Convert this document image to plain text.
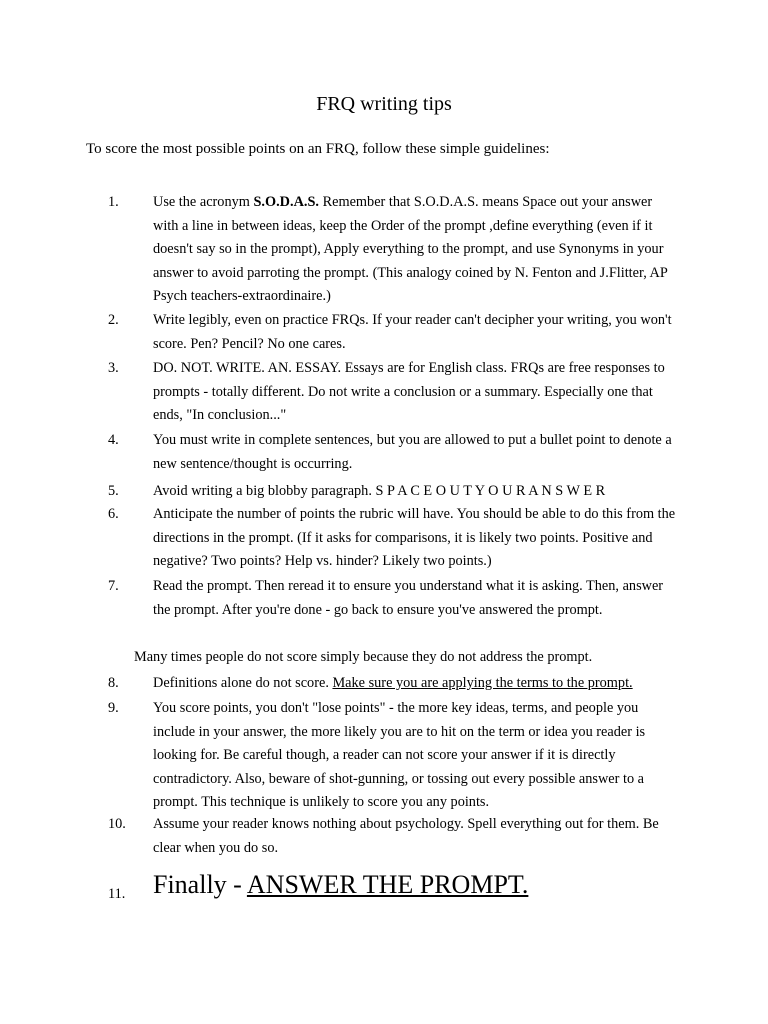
FRQ writing tips
To score the most possible points on an FRQ, follow these simple guidelines:
1.	Use the acronym S.O.D.A.S. Remember that S.O.D.A.S. means Space out your answer with a line in between ideas, keep the Order of the prompt ,define everything (even if it doesn't say so in the prompt), Apply everything to the prompt, and use Synonyms in your answer to avoid parroting the prompt. (This analogy coined by N. Fenton and J.Flitter, AP Psych teachers-extraordinaire.)
2.	Write legibly, even on practice FRQs. If your reader can't decipher your writing, you won't score. Pen? Pencil? No one cares.
3.	DO. NOT. WRITE. AN. ESSAY. Essays are for English class. FRQs are free responses to prompts - totally different. Do not write a conclusion or a summary. Especially one that ends, "In conclusion..."
4.	You must write in complete sentences, but you are allowed to put a bullet point to denote a new sentence/thought is occurring.
5.	Avoid writing a big blobby paragraph. S P A C E O U T Y O U R A N S W E R
6.	Anticipate the number of points the rubric will have. You should be able to do this from the directions in the prompt. (If it asks for comparisons, it is likely two points. Positive and negative? Two points? Help vs. hinder? Likely two points.)
7.	Read the prompt. Then reread it to ensure you understand what it is asking. Then, answer the prompt. After you're done - go back to ensure you've answered the prompt.
Many times people do not score simply because they do not address the prompt.
8.	Definitions alone do not score. Make sure you are applying the terms to the prompt.
9.	You score points, you don't "lose points" - the more key ideas, terms, and people you include in your answer, the more likely you are to hit on the term or idea you reader is looking for. Be careful though, a reader can not score your answer if it is directly contradictory. Also, beware of shot-gunning, or tossing out every possible answer to a prompt. This technique is unlikely to score you any points.
10.	Assume your reader knows nothing about psychology. Spell everything out for them. Be clear when you do so.
11.	Finally - ANSWER THE PROMPT.
